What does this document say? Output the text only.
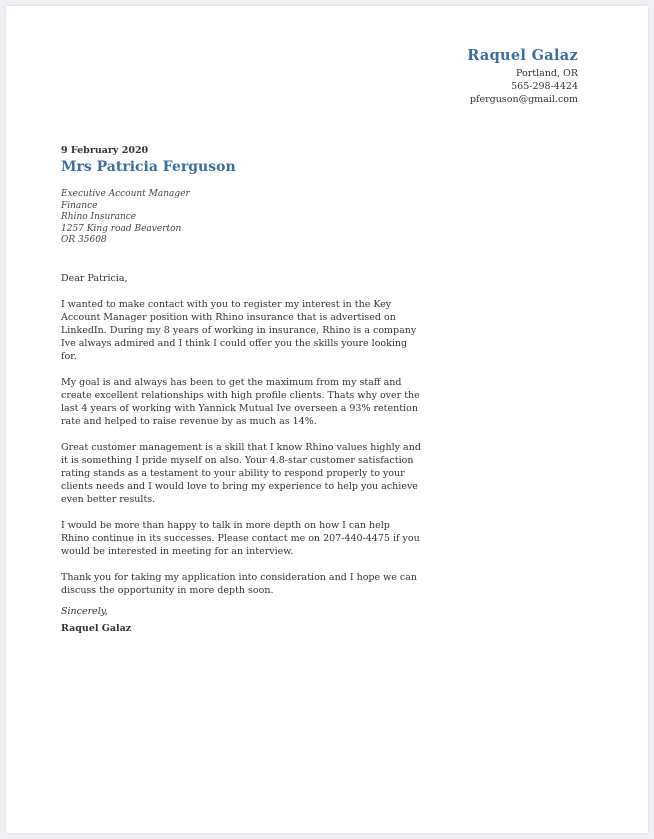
Raquel Galaz
Portland, OR
565-298-4424
pferguson@gmail.com
9 February 2020
Mrs Patricia Ferguson
Executive Account Manager
Finance
Rhino Insurance
1257 King road Beaverton
OR 35608

Dear Patricia,

I wanted to make contact with you to register my interest in the Key Account Manager position with Rhino insurance that is advertised on LinkedIn. During my 8 years of working in insurance, Rhino is a company Ive always admired and I think I could offer you the skills youre looking for.

My goal is and always has been to get the maximum from my staff and create excellent relationships with high profile clients. Thats why over the last 4 years of working with Yannick Mutual Ive overseen a 93% retention rate and helped to raise revenue by as much as 14%.

Great customer management is a skill that I know Rhino values highly and it is something I pride myself on also. Your 4.8-star customer satisfaction rating stands as a testament to your ability to respond properly to your clients needs and I would love to bring my experience to help you achieve even better results.

I would be more than happy to talk in more depth on how I can help Rhino continue in its successes. Please contact me on 207-440-4475 if you would be interested in meeting for an interview.

Thank you for taking my application into consideration and I hope we can discuss the opportunity in more depth soon.

Sincerely,
Raquel Galaz
